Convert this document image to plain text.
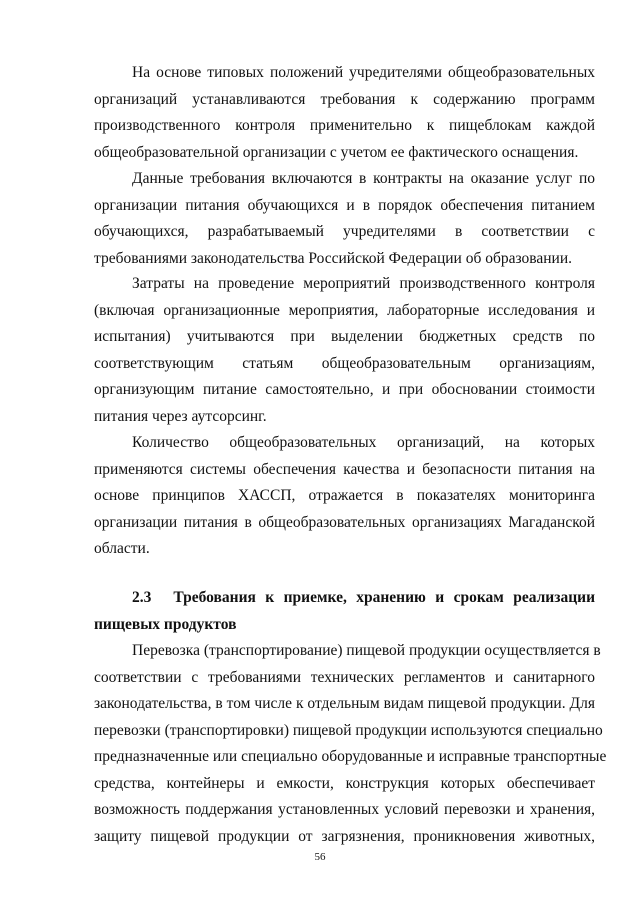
На основе типовых положений учредителями общеобразовательных
организаций устанавливаются требования к содержанию программ
производственного контроля применительно к пищеблокам каждой
общеобразовательной организации с учетом ее фактического оснащения.
Данные требования включаются в контракты на оказание услуг по
организации питания обучающихся и в порядок обеспечения питанием
обучающихся, разрабатываемый учредителями в соответствии с
требованиями законодательства Российской Федерации об образовании.
Затраты на проведение мероприятий производственного контроля
(включая организационные мероприятия, лабораторные исследования и
испытания) учитываются при выделении бюджетных средств по
соответствующим статьям общеобразовательным организациям,
организующим питание самостоятельно, и при обосновании стоимости
питания через аутсорсинг.
Количество общеобразовательных организаций, на которых
применяются системы обеспечения качества и безопасности питания на
основе принципов ХАССП, отражается в показателях мониторинга
организации питания в общеобразовательных организациях Магаданской
области.
2.3 Требования к приемке, хранению и срокам реализации
пищевых продуктов
Перевозка (транспортирование) пищевой продукции осуществляется в
соответствии с требованиями технических регламентов и санитарного
законодательства, в том числе к отдельным видам пищевой продукции. Для
перевозки (транспортировки) пищевой продукции используются специально
предназначенные или специально оборудованные и исправные транспортные
средства, контейнеры и емкости, конструкция которых обеспечивает
возможность поддержания установленных условий перевозки и хранения,
защиту пищевой продукции от загрязнения, проникновения животных,
56
